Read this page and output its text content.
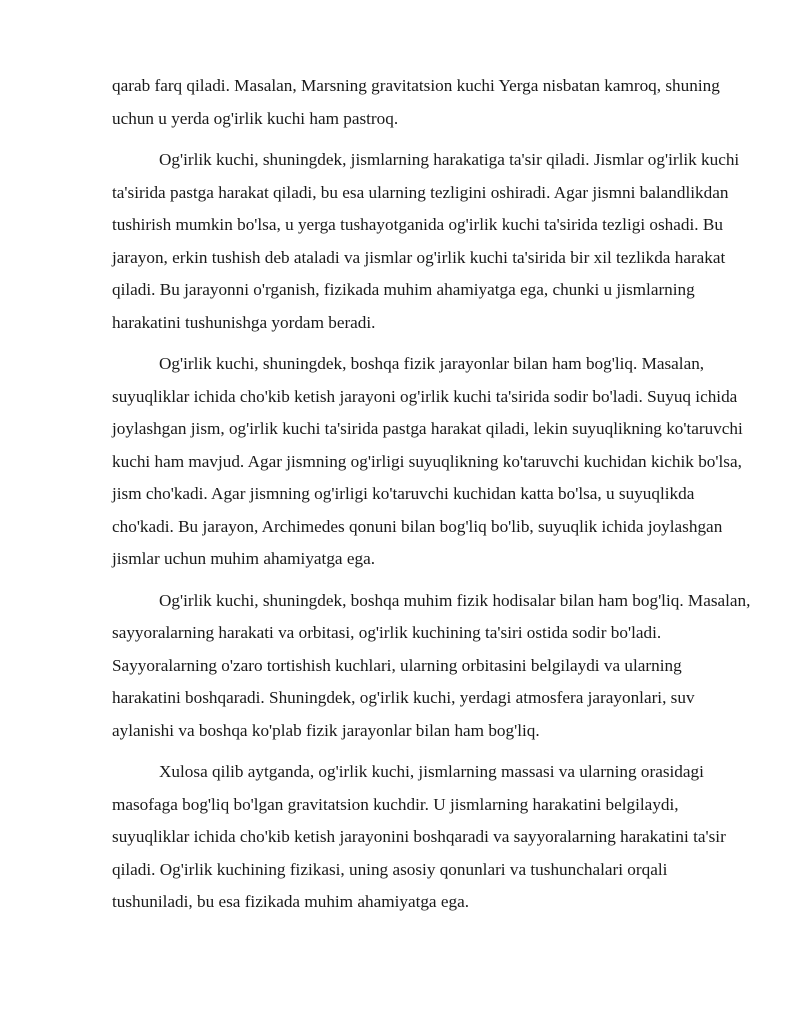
qarab farq qiladi. Masalan, Marsning gravitatsion kuchi Yerga nisbatan kamroq, shuning uchun u yerda og'irlik kuchi ham pastroq.

Og'irlik kuchi, shuningdek, jismlarning harakatiga ta'sir qiladi. Jismlar og'irlik kuchi ta'sirida pastga harakat qiladi, bu esa ularning tezligini oshiradi. Agar jismni balandlikdan tushirish mumkin bo'lsa, u yerga tushayotganida og'irlik kuchi ta'sirida tezligi oshadi. Bu jarayon, erkin tushish deb ataladi va jismlar og'irlik kuchi ta'sirida bir xil tezlikda harakat qiladi. Bu jarayonni o'rganish, fizikada muhim ahamiyatga ega, chunki u jismlarning harakatini tushunishga yordam beradi.

Og'irlik kuchi, shuningdek, boshqa fizik jarayonlar bilan ham bog'liq. Masalan, suyuqliklar ichida cho'kib ketish jarayoni og'irlik kuchi ta'sirida sodir bo'ladi. Suyuq ichida joylashgan jism, og'irlik kuchi ta'sirida pastga harakat qiladi, lekin suyuqlikning ko'taruvchi kuchi ham mavjud. Agar jismning og'irligi suyuqlikning ko'taruvchi kuchidan kichik bo'lsa, jism cho'kadi. Agar jismning og'irligi ko'taruvchi kuchidan katta bo'lsa, u suyuqlikda cho'kadi. Bu jarayon, Archimedes qonuni bilan bog'liq bo'lib, suyuqlik ichida joylashgan jismlar uchun muhim ahamiyatga ega.

Og'irlik kuchi, shuningdek, boshqa muhim fizik hodisalar bilan ham bog'liq. Masalan, sayyoralarning harakati va orbitasi, og'irlik kuchining ta'siri ostida sodir bo'ladi. Sayyoralarning o'zaro tortishish kuchlari, ularning orbitasini belgilaydi va ularning harakatini boshqaradi. Shuningdek, og'irlik kuchi, yerdagi atmosfera jarayonlari, suv aylanishi va boshqa ko'plab fizik jarayonlar bilan ham bog'liq.

Xulosa qilib aytganda, og'irlik kuchi, jismlarning massasi va ularning orasidagi masofaga bog'liq bo'lgan gravitatsion kuchdir. U jismlarning harakatini belgilaydi, suyuqliklar ichida cho'kib ketish jarayonini boshqaradi va sayyoralarning harakatini ta'sir qiladi. Og'irlik kuchining fizikasi, uning asosiy qonunlari va tushunchalari orqali tushuniladi, bu esa fizikada muhim ahamiyatga ega.
